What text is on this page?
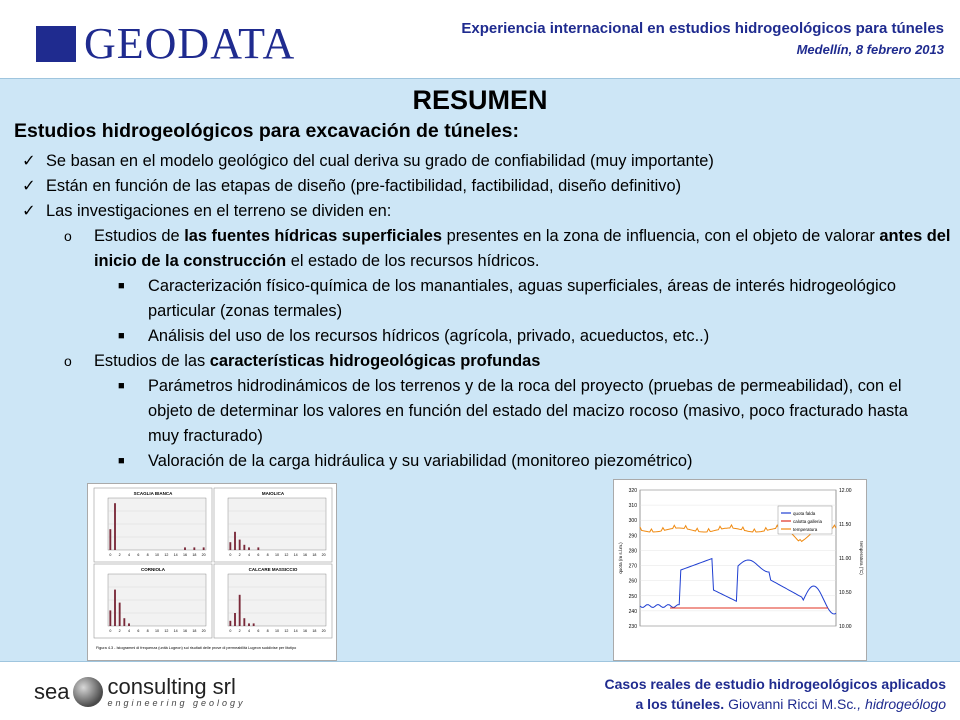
GEODATA	Experiencia internacional en estudios hidrogeológicos para túneles
Medellín, 8 febrero 2013
RESUMEN
Estudios hidrogeológicos para excavación de túneles:
✓ Se basan en el modelo geológico del cual deriva su grado de confiabilidad (muy importante)
✓ Están en función de las etapas de diseño (pre-factibilidad, factibilidad, diseño definitivo)
✓ Las investigaciones en el terreno se dividen en:
o Estudios de las fuentes hídricas superficiales presentes en la zona de influencia, con el objeto de valorar antes del inicio de la construcción el estado de los recursos hídricos.
■ Caracterización físico-química de los manantiales, aguas superficiales, áreas de interés hidrogeológico particular (zonas termales)
■ Análisis del uso de los recursos hídricos (agrícola, privado, acueductos, etc..)
o Estudios de las características hidrogeológicas profundas
■ Parámetros hidrodinámicos de los terrenos y de la roca del proyecto (pruebas de permeabilidad), con el objeto de determinar los valores en función del estado del macizo rocoso (masivo, poco fracturado hasta muy fracturado)
■ Valoración de la carga hidráulica y su variabilidad (monitoreo piezométrico)
SCAGLIA BIANCA
0 2 4 6 8 10 12 14 16 18 20
MAIOLICA
0 2 4 6 8 10 12 14 16 18 20
CORNIOLA
0 2 4 6 8 10 12 14 16 18 20
CALCARE MASSICCIO
0 2 4 6 8 10 12 14 16 18 20
Figura 4.3 - Istogrammi di frequenza (unità Lugeon) sui risultati delle prove di permeabilità Lugeon suddivise per litotipo
320
310
300
290
280
270
260
250
240
230
12.00
11.50
11.00
10.50
10.00
quota (m s.l.m.)	temperatura (°C)
quota falda
calotta galleria
temperatura
sea consulting srl
engineering geology
Casos reales de estudio hidrogeológicos aplicados
a los túneles. Giovanni Ricci M.Sc., hidrogeólogo
